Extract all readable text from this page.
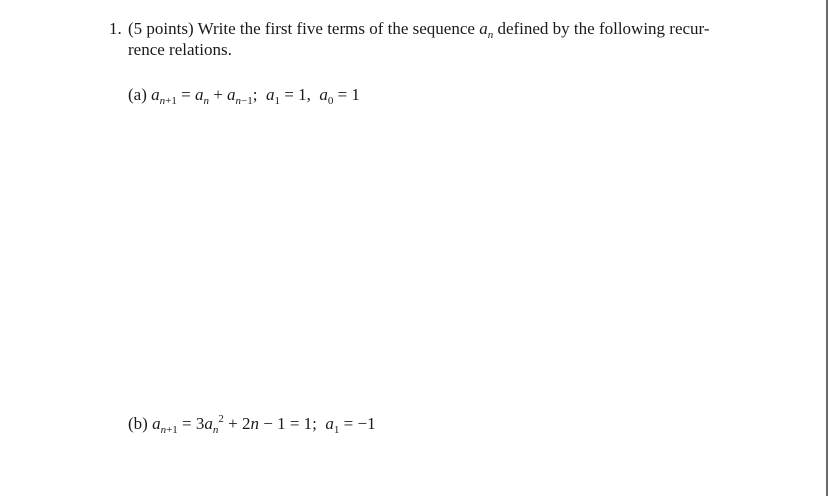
1. (5 points) Write the first five terms of the sequence $a_n$ defined by the following recur-
rence relations.
(a) $a_{n+1} = a_n + a_{n-1}$;  $a_1 = 1$,  $a_0 = 1$
(b) $a_{n+1} = 3a_n^2 + 2n - 1 = 1$;  $a_1 = -1$
